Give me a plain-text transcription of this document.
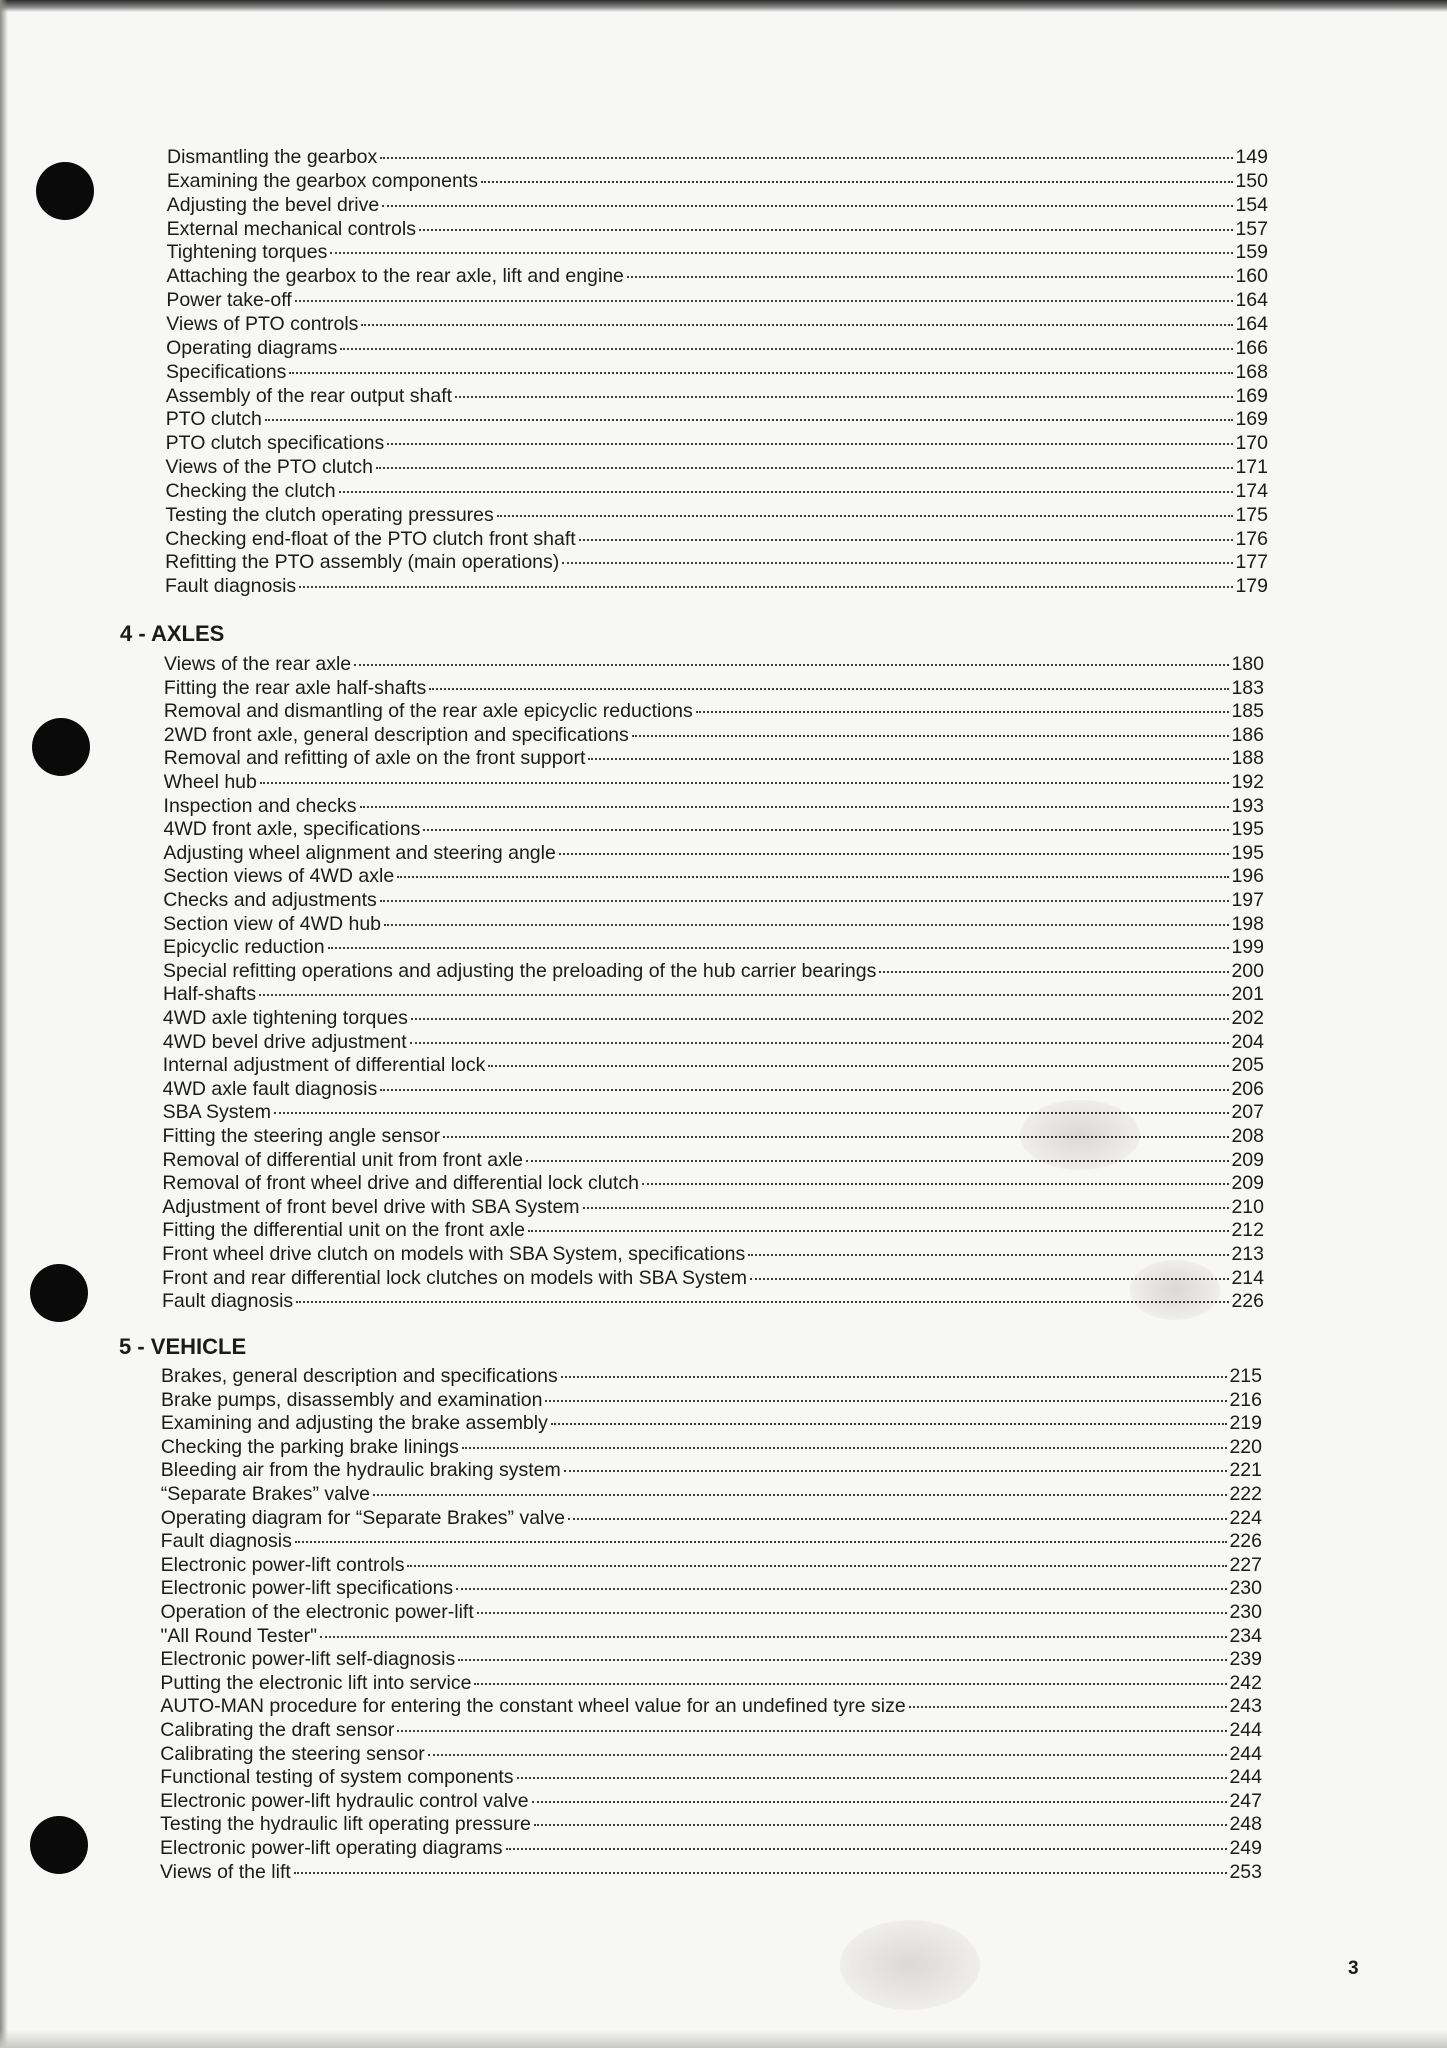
Dismantling the gearbox	149
Examining the gearbox components	150
Adjusting the bevel drive	154
External mechanical controls	157
Tightening torques	159
Attaching the gearbox to the rear axle, lift and engine	160
Power take-off	164
Views of PTO controls	164
Operating diagrams	166
Specifications	168
Assembly of the rear output shaft	169
PTO clutch	169
PTO clutch specifications	170
Views of the PTO clutch	171
Checking the clutch	174
Testing the clutch operating pressures	175
Checking end-float of the PTO clutch front shaft	176
Refitting the PTO assembly (main operations)	177
Fault diagnosis	179
4 - AXLES
Views of the rear axle	180
Fitting the rear axle half-shafts	183
Removal and dismantling of the rear axle epicyclic reductions	185
2WD front axle, general description and specifications	186
Removal and refitting of axle on the front support	188
Wheel hub	192
Inspection and checks	193
4WD front axle, specifications	195
Adjusting wheel alignment and steering angle	195
Section views of 4WD axle	196
Checks and adjustments	197
Section view of 4WD hub	198
Epicyclic reduction	199
Special refitting operations and adjusting the preloading of the hub carrier bearings	200
Half-shafts	201
4WD axle tightening torques	202
4WD bevel drive adjustment	204
Internal adjustment of differential lock	205
4WD axle fault diagnosis	206
SBA System	207
Fitting the steering angle sensor	208
Removal of differential unit from front axle	209
Removal of front wheel drive and differential lock clutch	209
Adjustment of front bevel drive with SBA System	210
Fitting the differential unit on the front axle	212
Front wheel drive clutch on models with SBA System, specifications	213
Front and rear differential lock clutches on models with SBA System	214
Fault diagnosis	226
5 - VEHICLE
Brakes, general description and specifications	215
Brake pumps, disassembly and examination	216
Examining and adjusting the brake assembly	219
Checking the parking brake linings	220
Bleeding air from the hydraulic braking system	221
“Separate Brakes” valve	222
Operating diagram for “Separate Brakes” valve	224
Fault diagnosis	226
Electronic power-lift controls	227
Electronic power-lift specifications	230
Operation of the electronic power-lift	230
"All Round Tester"	234
Electronic power-lift self-diagnosis	239
Putting the electronic lift into service	242
AUTO-MAN procedure for entering the constant wheel value for an undefined tyre size	243
Calibrating the draft sensor	244
Calibrating the steering sensor	244
Functional testing of system components	244
Electronic power-lift hydraulic control valve	247
Testing the hydraulic lift operating pressure	248
Electronic power-lift operating diagrams	249
Views of the lift	253
3
